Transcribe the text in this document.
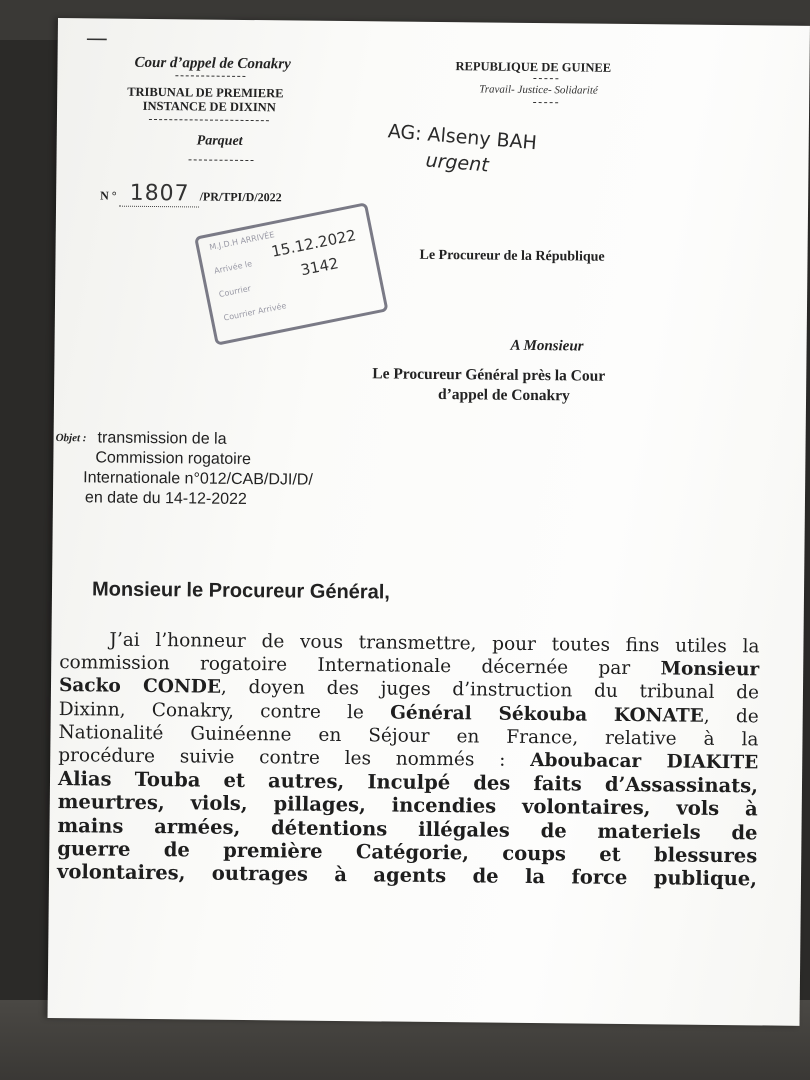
—
Cour d’appel de Conakry
TRIBUNAL DE PREMIERE
INSTANCE DE DIXINN
Parquet
N ° 1807 /PR/TPI/D/2022
REPUBLIQUE DE GUINEE
Travail- Justice- Solidarité
AG: Alseny BAH
urgent
M.J.D.H ARRIVÉE
Arrivée le
Courrier
Courrier Arrivée
15.12.2022
3142	Le Procureur de la République
A Monsieur
Le Procureur Général près la Cour
d’appel de Conakry
Objet : transmission de la
Commission rogatoire
Internationale n°012/CAB/DJI/D/
en date du 14-12-2022
Monsieur le Procureur Général,
J’ai l’honneur de vous transmettre, pour toutes fins utiles la
commission rogatoire Internationale décernée par Monsieur
Sacko CONDE, doyen des juges d’instruction du tribunal de
Dixinn, Conakry, contre le Général Sékouba KONATE, de
Nationalité Guinéenne en Séjour en France, relative à la
procédure suivie contre les nommés : Aboubacar DIAKITE
Alias Touba et autres, Inculpé des faits d’Assassinats,
meurtres, viols, pillages, incendies volontaires, vols à
mains armées, détentions illégales de materiels de
guerre de première Catégorie, coups et blessures
volontaires, outrages à agents de la force publique,
